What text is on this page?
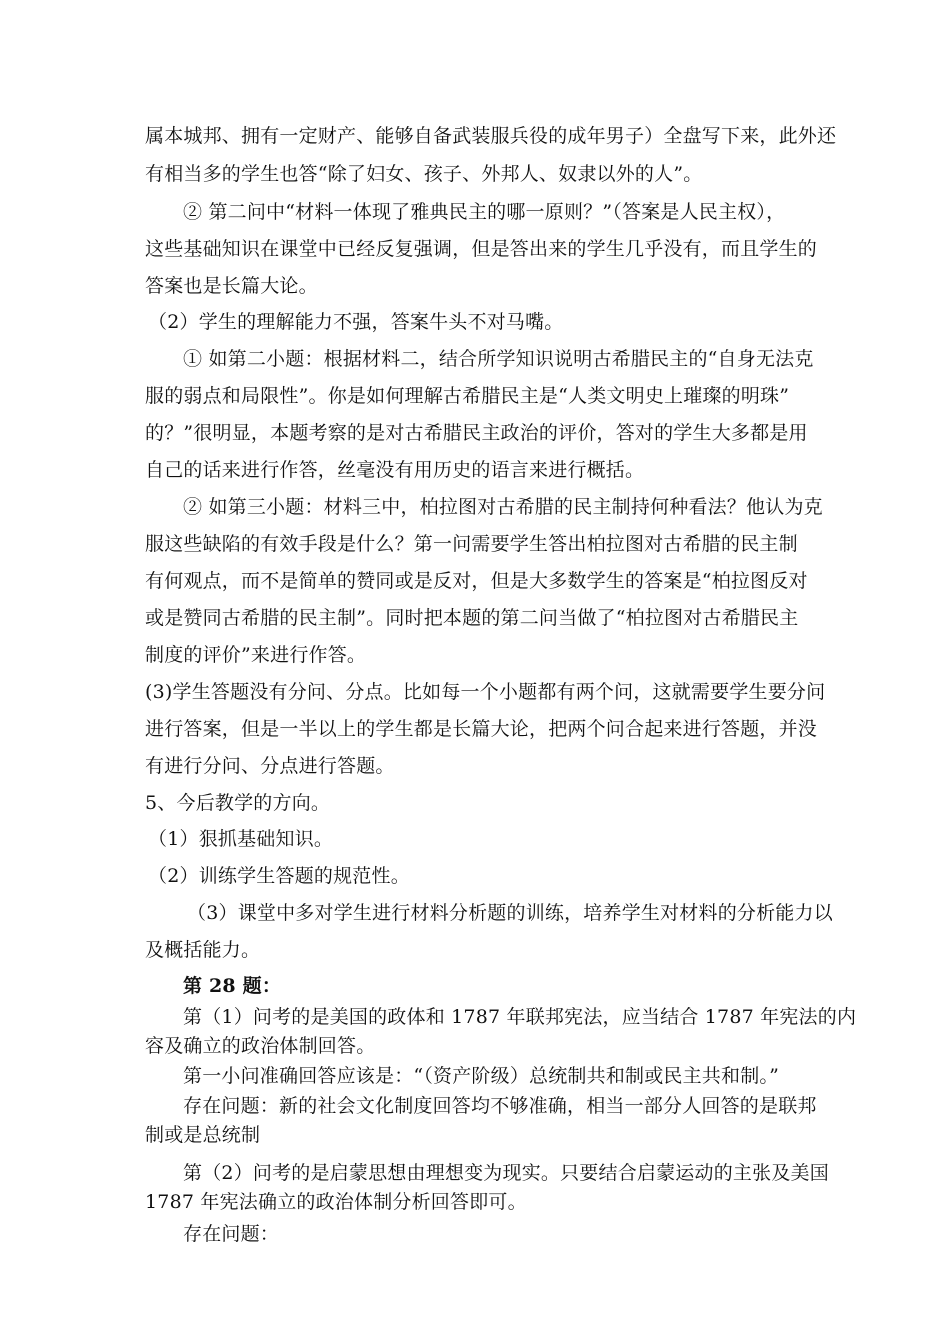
属本城邦、拥有一定财产、能够自备武装服兵役的成年男子）全盘写下来，此外还
有相当多的学生也答“除了妇女、孩子、外邦人、奴隶以外的人”。
② 第二问中“材料一体现了雅典民主的哪一原则？”（答案是人民主权），
这些基础知识在课堂中已经反复强调，但是答出来的学生几乎没有，而且学生的
答案也是长篇大论。
（2）学生的理解能力不强，答案牛头不对马嘴。
① 如第二小题：根据材料二，结合所学知识说明古希腊民主的“自身无法克
服的弱点和局限性”。你是如何理解古希腊民主是“人类文明史上璀璨的明珠”
的？”很明显，本题考察的是对古希腊民主政治的评价，答对的学生大多都是用
自己的话来进行作答，丝毫没有用历史的语言来进行概括。
② 如第三小题：材料三中，柏拉图对古希腊的民主制持何种看法？他认为克
服这些缺陷的有效手段是什么？第一问需要学生答出柏拉图对古希腊的民主制
有何观点，而不是简单的赞同或是反对，但是大多数学生的答案是“柏拉图反对
或是赞同古希腊的民主制”。同时把本题的第二问当做了“柏拉图对古希腊民主
制度的评价”来进行作答。
(3)学生答题没有分问、分点。比如每一个小题都有两个问，这就需要学生要分问
进行答案，但是一半以上的学生都是长篇大论，把两个问合起来进行答题，并没
有进行分问、分点进行答题。
5、今后教学的方向。
（1）狠抓基础知识。
（2）训练学生答题的规范性。
（3）课堂中多对学生进行材料分析题的训练，培养学生对材料的分析能力以
及概括能力。
第 28 题：
第（1）问考的是美国的政体和 1787 年联邦宪法，应当结合 1787 年宪法的内
容及确立的政治体制回答。
第一小问准确回答应该是：“（资产阶级）总统制共和制或民主共和制。”
存在问题：新的社会文化制度回答均不够准确，相当一部分人回答的是联邦
制或是总统制
第（2）问考的是启蒙思想由理想变为现实。只要结合启蒙运动的主张及美国
1787 年宪法确立的政治体制分析回答即可。
存在问题：
